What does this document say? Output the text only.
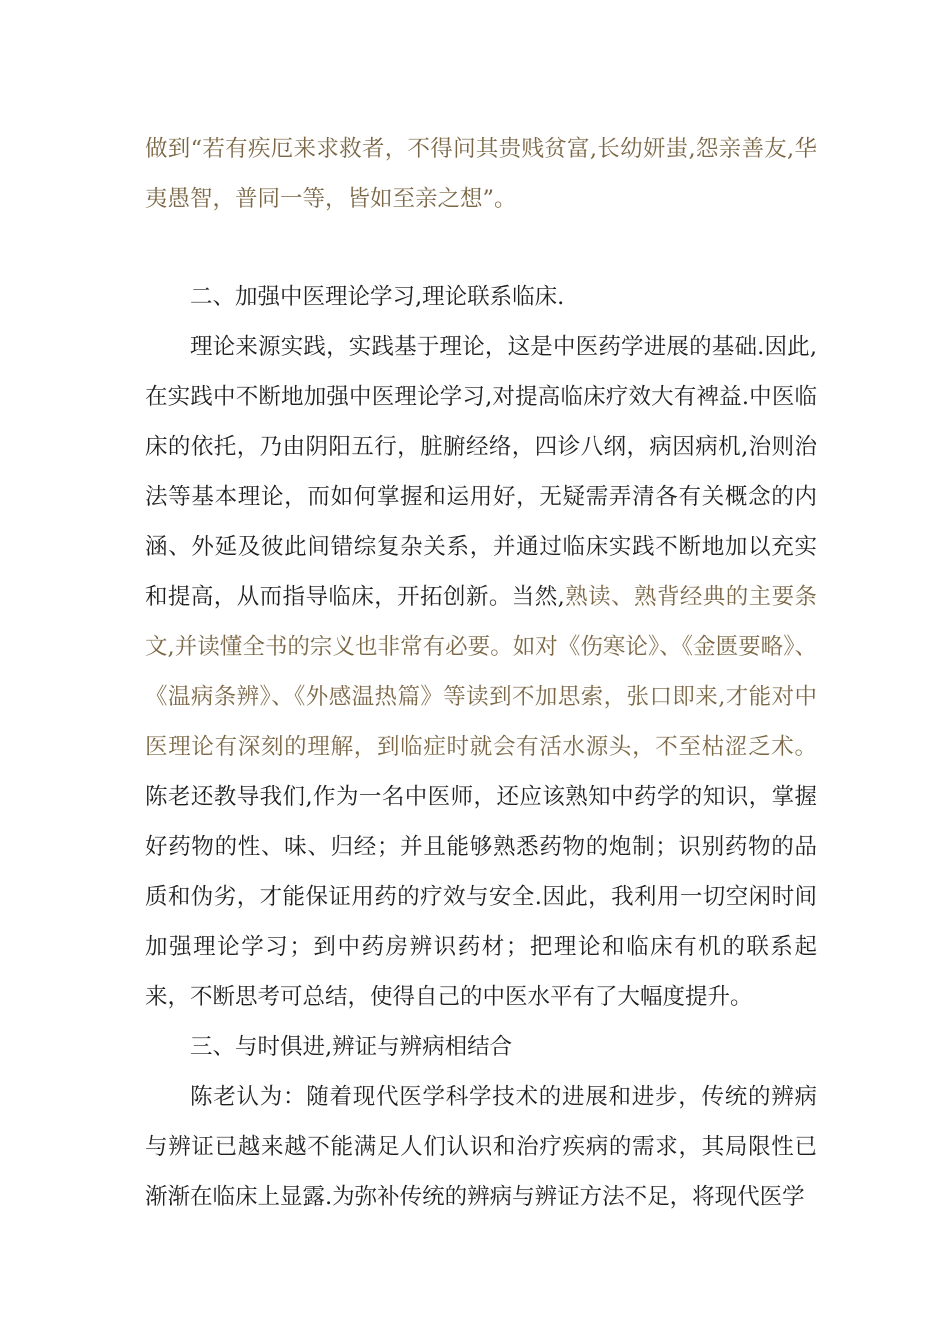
做到“若有疾厄来求救者，不得问其贵贱贫富,长幼妍蚩,怨亲善友,华夷愚智，普同一等，皆如至亲之想”。

二、加强中医理论学习,理论联系临床.

理论来源实践，实践基于理论，这是中医药学进展的基础.因此,在实践中不断地加强中医理论学习,对提高临床疗效大有裨益.中医临床的依托，乃由阴阳五行，脏腑经络，四诊八纲，病因病机,治则治法等基本理论，而如何掌握和运用好，无疑需弄清各有关概念的内涵、外延及彼此间错综复杂关系，并通过临床实践不断地加以充实和提高，从而指导临床，开拓创新。当然,熟读、熟背经典的主要条文,并读懂全书的宗义也非常有必要。如对《伤寒论》、《金匮要略》、《温病条辨》、《外感温热篇》等读到不加思索，张口即来,才能对中医理论有深刻的理解，到临症时就会有活水源头，不至枯涩乏术。陈老还教导我们,作为一名中医师，还应该熟知中药学的知识，掌握好药物的性、味、归经；并且能够熟悉药物的炮制；识别药物的品质和伪劣，才能保证用药的疗效与安全.因此，我利用一切空闲时间加强理论学习；到中药房辨识药材；把理论和临床有机的联系起来，不断思考可总结，使得自己的中医水平有了大幅度提升。

三、与时俱进,辨证与辨病相结合

陈老认为：随着现代医学科学技术的进展和进步，传统的辨病与辨证已越来越不能满足人们认识和治疗疾病的需求，其局限性已渐渐在临床上显露.为弥补传统的辨病与辨证方法不足，将现代医学
